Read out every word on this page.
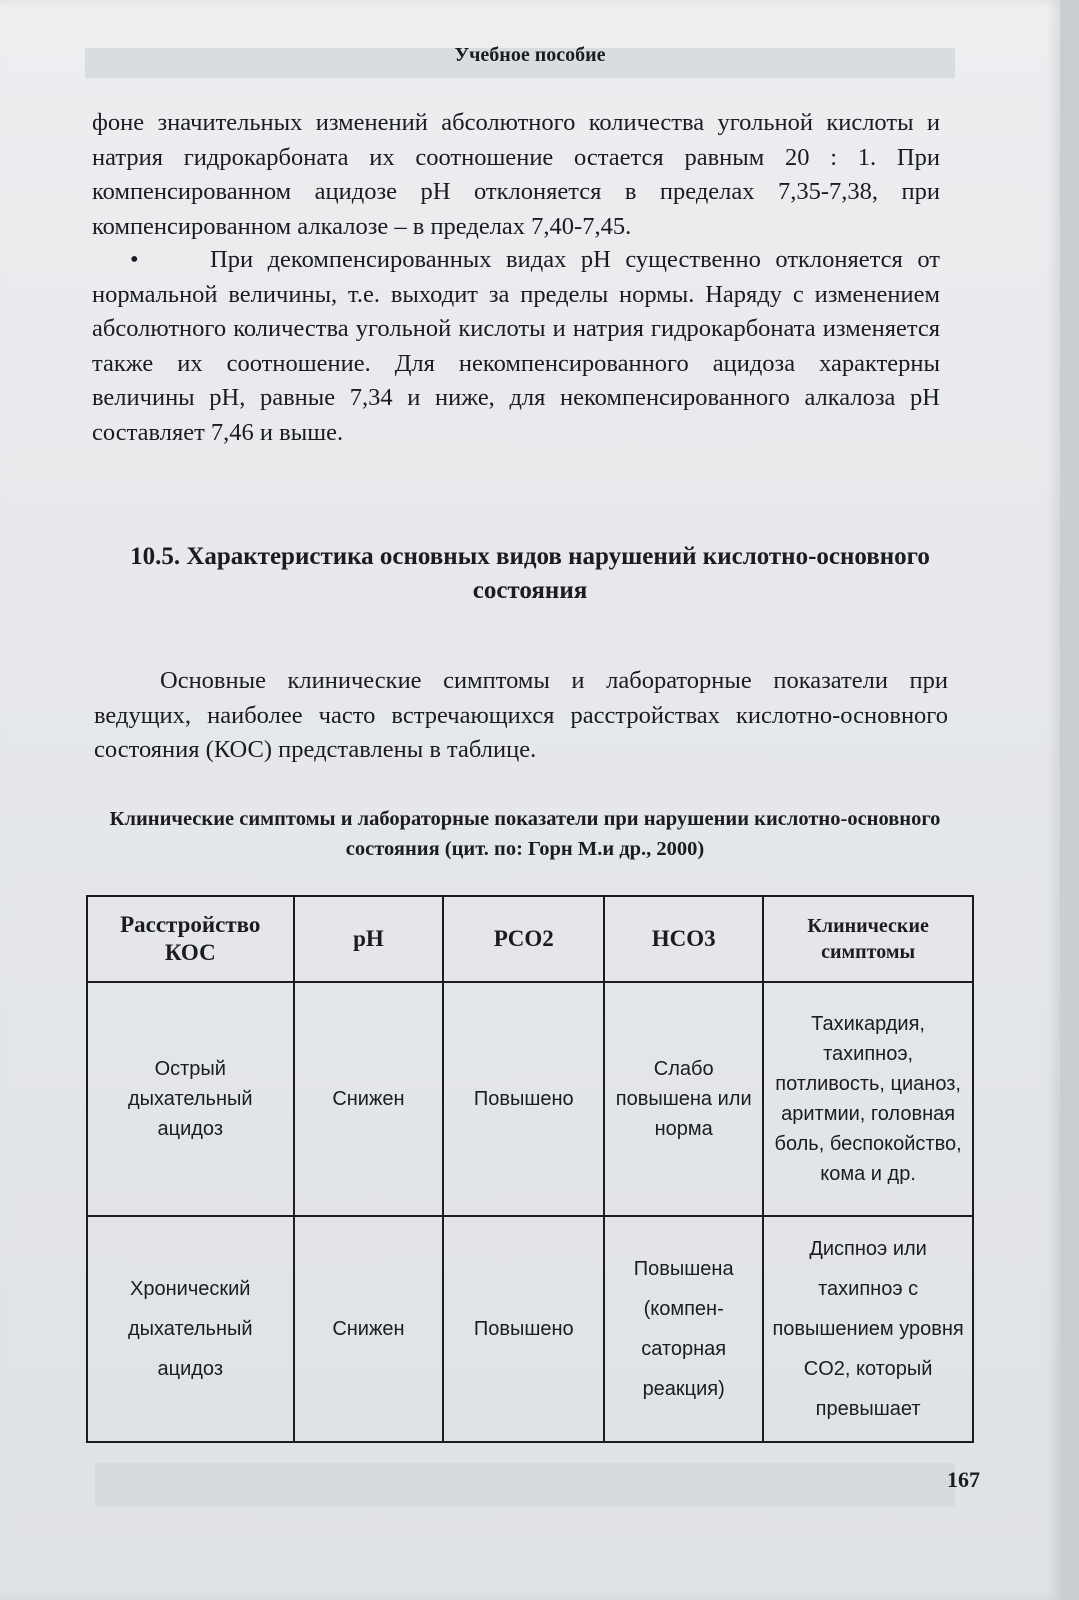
Учебное пособие
фоне значительных изменений абсолютного количества угольной кислоты и натрия гидрокарбоната их соотношение остается равным 20 : 1. При компенсированном ацидозе pH отклоняется в пределах 7,35-7,38, при компенсированном алкалозе – в пределах 7,40-7,45.
•	При декомпенсированных видах pH существенно отклоняется от нормальной величины, т.е. выходит за пределы нормы. Наряду с изменением абсолютного количества угольной кислоты и натрия гидрокарбоната изменяется также их соотношение. Для некомпенсированного ацидоза характерны величины pH, равные 7,34 и ниже, для некомпенсированного алкалоза pH составляет 7,46 и выше.
10.5. Характеристика основных видов нарушений кислотно-основного состояния
Основные клинические симптомы и лабораторные показатели при ведущих, наиболее часто встречающихся расстройствах кислотно-основного состояния (КОС) представлены в таблице.
Клинические симптомы и лабораторные показатели при нарушении кислотно-основного состояния (цит. по: Горн М.и др., 2000)
Расстройство КОС	pH	PCO2	HCO3	Клинические симптомы
Острый дыхательный ацидоз	Снижен	Повышено	Слабо повышена или норма	Тахикардия, тахипноэ, потливость, цианоз, аритмии, головная боль, беспокойство, кома и др.
Хронический дыхательный ацидоз	Снижен	Повышено	Повышена (компен-саторная реакция)	Диспноэ или тахипноэ с повышением уровня CO2, который превышает
167
